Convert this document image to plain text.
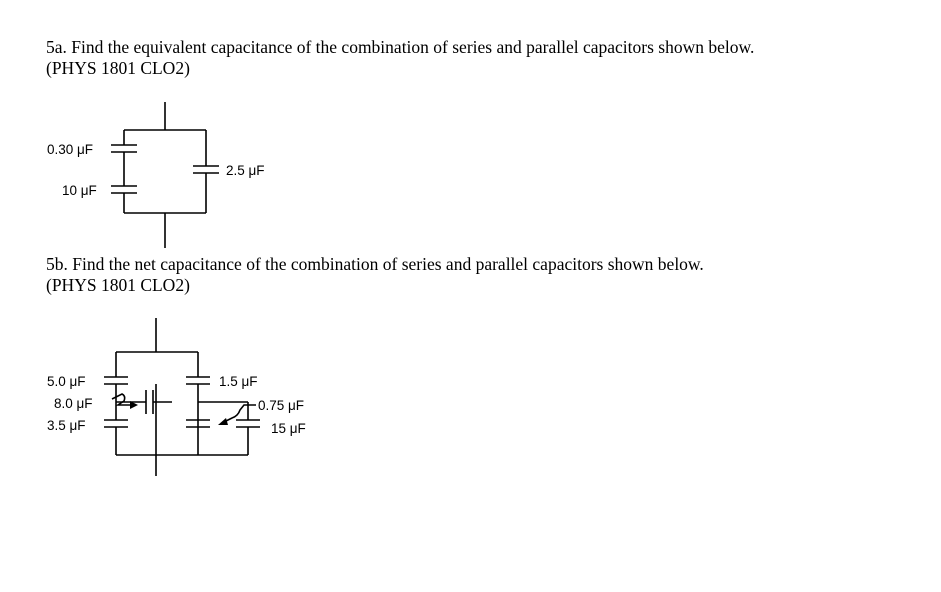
5a. Find the equivalent capacitance of the combination of series and parallel capacitors shown below.
(PHYS 1801 CLO2)
0.30 μF
10 μF
2.5 μF
5b. Find the net capacitance of the combination of series and parallel capacitors shown below.
(PHYS 1801 CLO2)
5.0 μF
8.0 μF
3.5 μF
1.5 μF
0.75 μF
15 μF
